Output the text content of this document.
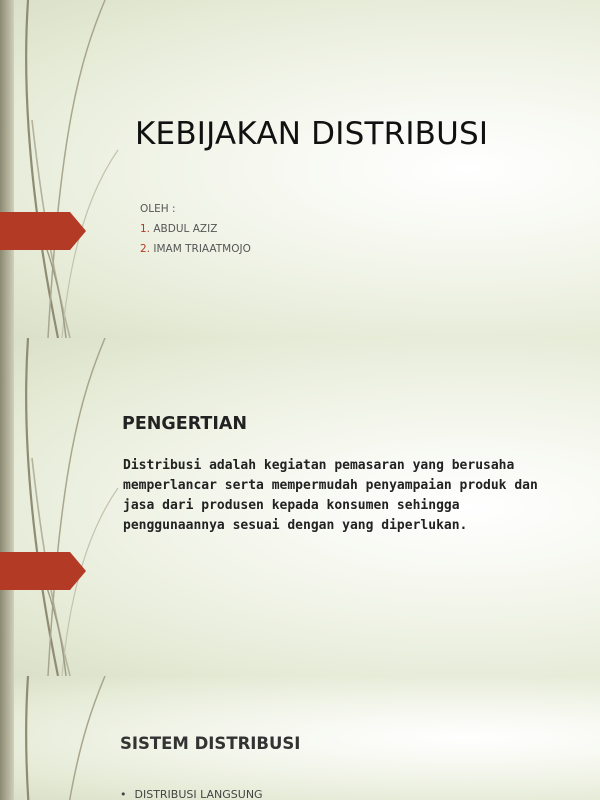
KEBIJAKAN DISTRIBUSI
OLEH :
1. ABDUL AZIZ
2. IMAM TRIAATMOJO
PENGERTIAN
Distribusi adalah kegiatan pemasaran yang berusaha memperlancar serta mempermudah penyampaian produk dan jasa dari produsen kepada konsumen sehingga penggunaannya sesuai dengan yang diperlukan.
SISTEM DISTRIBUSI
• DISTRIBUSI LANGSUNG
